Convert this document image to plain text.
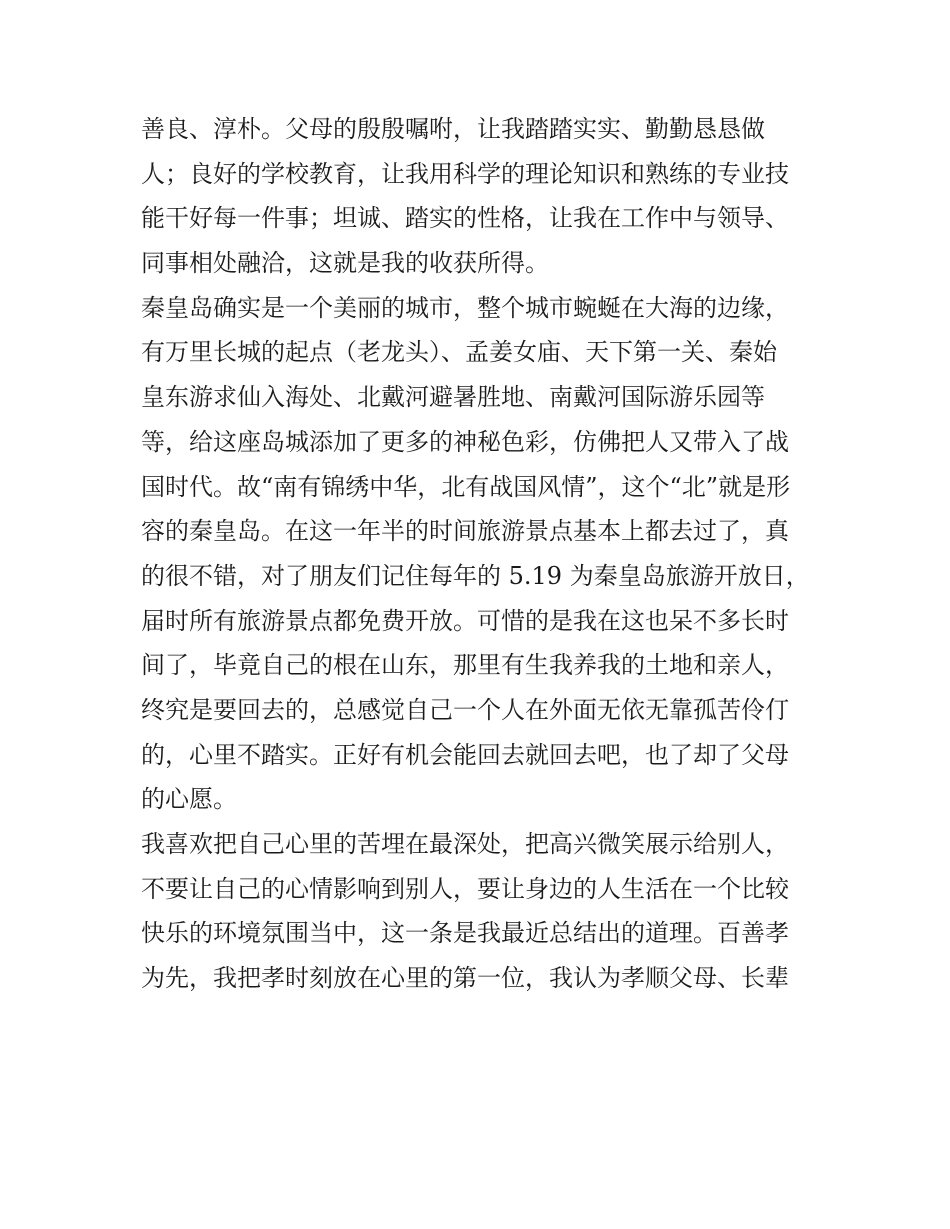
善良、淳朴。父母的殷殷嘱咐，让我踏踏实实、勤勤恳恳做
人；良好的学校教育，让我用科学的理论知识和熟练的专业技
能干好每一件事；坦诚、踏实的性格，让我在工作中与领导、
同事相处融洽，这就是我的收获所得。
秦皇岛确实是一个美丽的城市，整个城市蜿蜒在大海的边缘，
有万里长城的起点（老龙头）、孟姜女庙、天下第一关、秦始
皇东游求仙入海处、北戴河避暑胜地、南戴河国际游乐园等
等，给这座岛城添加了更多的神秘色彩，仿佛把人又带入了战
国时代。故“南有锦绣中华，北有战国风情”，这个“北”就是形
容的秦皇岛。在这一年半的时间旅游景点基本上都去过了，真
的很不错，对了朋友们记住每年的 5.19 为秦皇岛旅游开放日，
届时所有旅游景点都免费开放。可惜的是我在这也呆不多长时
间了，毕竟自己的根在山东，那里有生我养我的土地和亲人，
终究是要回去的，总感觉自己一个人在外面无依无靠孤苦伶仃
的，心里不踏实。正好有机会能回去就回去吧，也了却了父母
的心愿。
我喜欢把自己心里的苦埋在最深处，把高兴微笑展示给别人，
不要让自己的心情影响到别人，要让身边的人生活在一个比较
快乐的环境氛围当中，这一条是我最近总结出的道理。百善孝
为先，我把孝时刻放在心里的第一位，我认为孝顺父母、长辈
